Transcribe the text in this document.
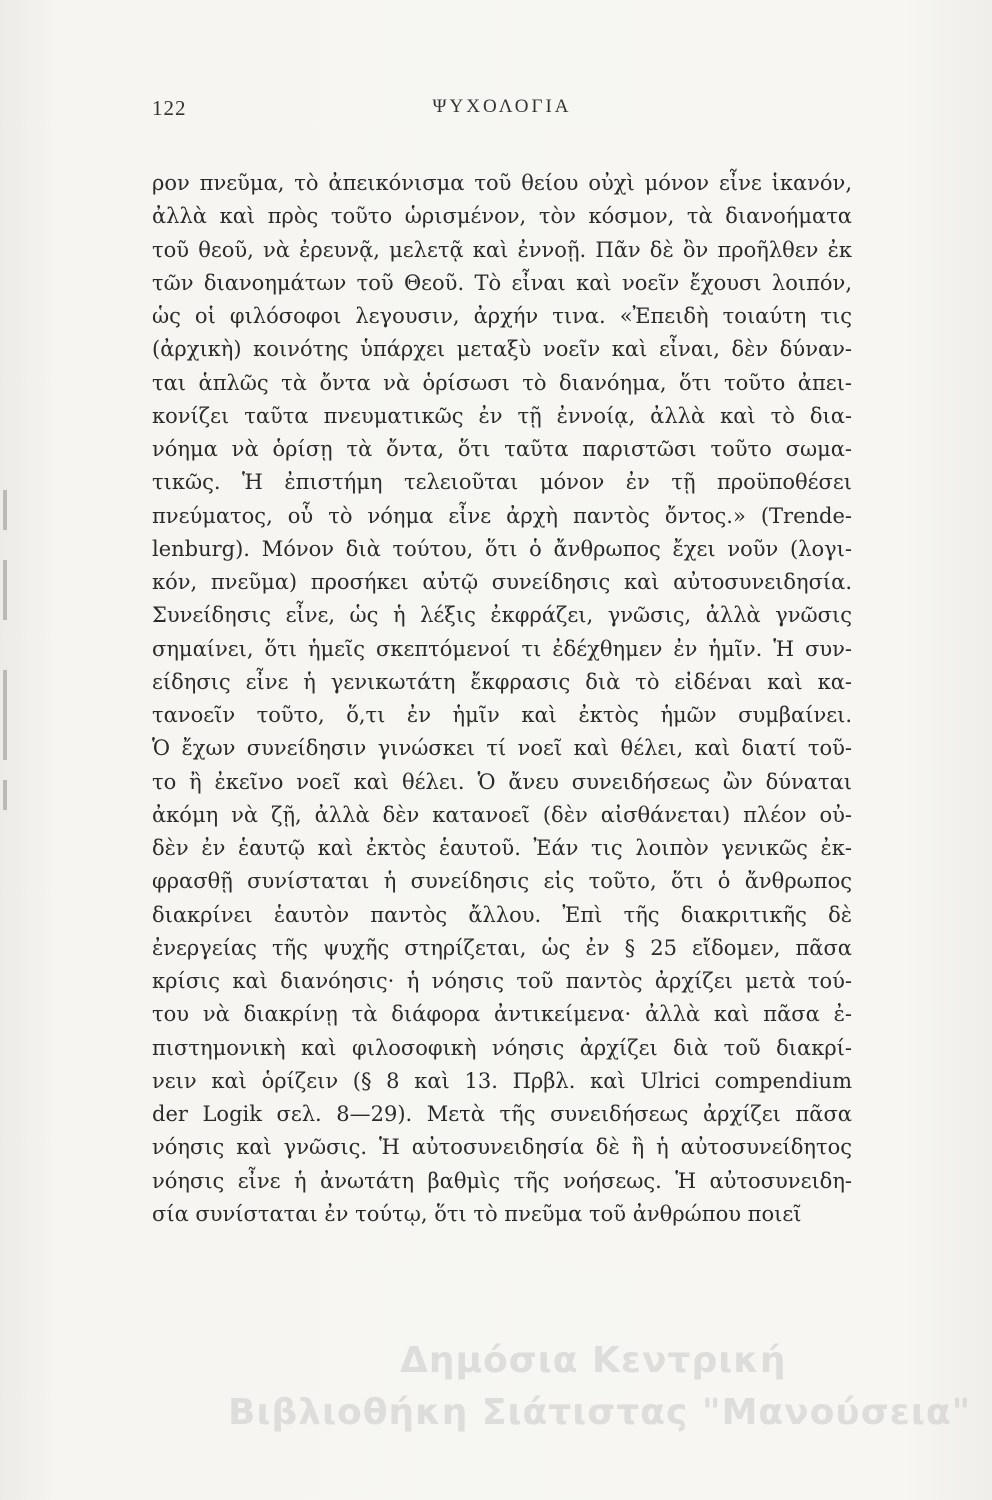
122	ΨΥΧΟΛΟΓΙΑ
ρον πνεῦμα, τὸ ἀπεικόνισμα τοῦ θείου οὐχὶ μόνον εἶνε ἱκανόν,
ἀλλὰ καὶ πρὸς τοῦτο ὡρισμένον, τὸν κόσμον, τὰ διανοήματα
τοῦ θεοῦ, νὰ ἐρευνᾷ, μελετᾷ καὶ ἐννοῇ. Πᾶν δὲ ὂν προῆλθεν ἐκ
τῶν διανοημάτων τοῦ Θεοῦ. Τὸ εἶναι καὶ νοεῖν ἔχουσι λοιπόν,
ὡς οἱ φιλόσοφοι λεγουσιν, ἀρχήν τινα. «Ἐπειδὴ τοιαύτη τις
(ἀρχικὴ) κοινότης ὑπάρχει μεταξὺ νοεῖν καὶ εἶναι, δὲν δύναν-
ται ἁπλῶς τὰ ὄντα νὰ ὁρίσωσι τὸ διανόημα, ὅτι τοῦτο ἀπει-
κονίζει ταῦτα πνευματικῶς ἐν τῇ ἐννοίᾳ, ἀλλὰ καὶ τὸ δια-
νόημα νὰ ὁρίσῃ τὰ ὄντα, ὅτι ταῦτα παριστῶσι τοῦτο σωμα-
τικῶς. Ἡ ἐπιστήμη τελειοῦται μόνον ἐν τῇ προϋποθέσει
πνεύματος, οὗ τὸ νόημα εἶνε ἀρχὴ παντὸς ὄντος.» (Trende-
lenburg). Μόνον διὰ τούτου, ὅτι ὁ ἄνθρωπος ἔχει νοῦν (λογι-
κόν, πνεῦμα) προσήκει αὐτῷ συνείδησις καὶ αὐτοσυνειδησία.
Συνείδησις εἶνε, ὡς ἡ λέξις ἐκφράζει, γνῶσις, ἀλλὰ γνῶσις
σημαίνει, ὅτι ἡμεῖς σκεπτόμενοί τι ἐδέχθημεν ἐν ἡμῖν. Ἡ συν-
είδησις εἶνε ἡ γενικωτάτη ἔκφρασις διὰ τὸ εἰδέναι καὶ κα-
τανοεῖν τοῦτο, ὅ,τι ἐν ἡμῖν καὶ ἐκτὸς ἡμῶν συμβαίνει.
Ὁ ἔχων συνείδησιν γινώσκει τί νοεῖ καὶ θέλει, καὶ διατί τοῦ-
το ἢ ἐκεῖνο νοεῖ καὶ θέλει. Ὁ ἄνευ συνειδήσεως ὢν δύναται
ἀκόμη νὰ ζῇ, ἀλλὰ δὲν κατανοεῖ (δὲν αἰσθάνεται) πλέον οὐ-
δὲν ἐν ἑαυτῷ καὶ ἐκτὸς ἑαυτοῦ. Ἐάν τις λοιπὸν γενικῶς ἐκ-
φρασθῇ συνίσταται ἡ συνείδησις εἰς τοῦτο, ὅτι ὁ ἄνθρωπος
διακρίνει ἑαυτὸν παντὸς ἄλλου. Ἐπὶ τῆς διακριτικῆς δὲ
ἐνεργείας τῆς ψυχῆς στηρίζεται, ὡς ἐν § 25 εἴδομεν, πᾶσα
κρίσις καὶ διανόησις· ἡ νόησις τοῦ παντὸς ἀρχίζει μετὰ τού-
του νὰ διακρίνῃ τὰ διάφορα ἀντικείμενα· ἀλλὰ καὶ πᾶσα ἐ-
πιστημονικὴ καὶ φιλοσοφικὴ νόησις ἀρχίζει διὰ τοῦ διακρί-
νειν καὶ ὁρίζειν (§ 8 καὶ 13. Πρβλ. καὶ Ulrici compendium
der Logik σελ. 8—29). Μετὰ τῆς συνειδήσεως ἀρχίζει πᾶσα
νόησις καὶ γνῶσις. Ἡ αὐτοσυνειδησία δὲ ἢ ἡ αὐτοσυνείδητος
νόησις εἶνε ἡ ἀνωτάτη βαθμὶς τῆς νοήσεως. Ἡ αὐτοσυνειδη-
σία συνίσταται ἐν τούτῳ, ὅτι τὸ πνεῦμα τοῦ ἀνθρώπου ποιεῖ
Δημόσια Κεντρική
Βιβλιοθήκη Σιάτιστας "Μανούσεια"
